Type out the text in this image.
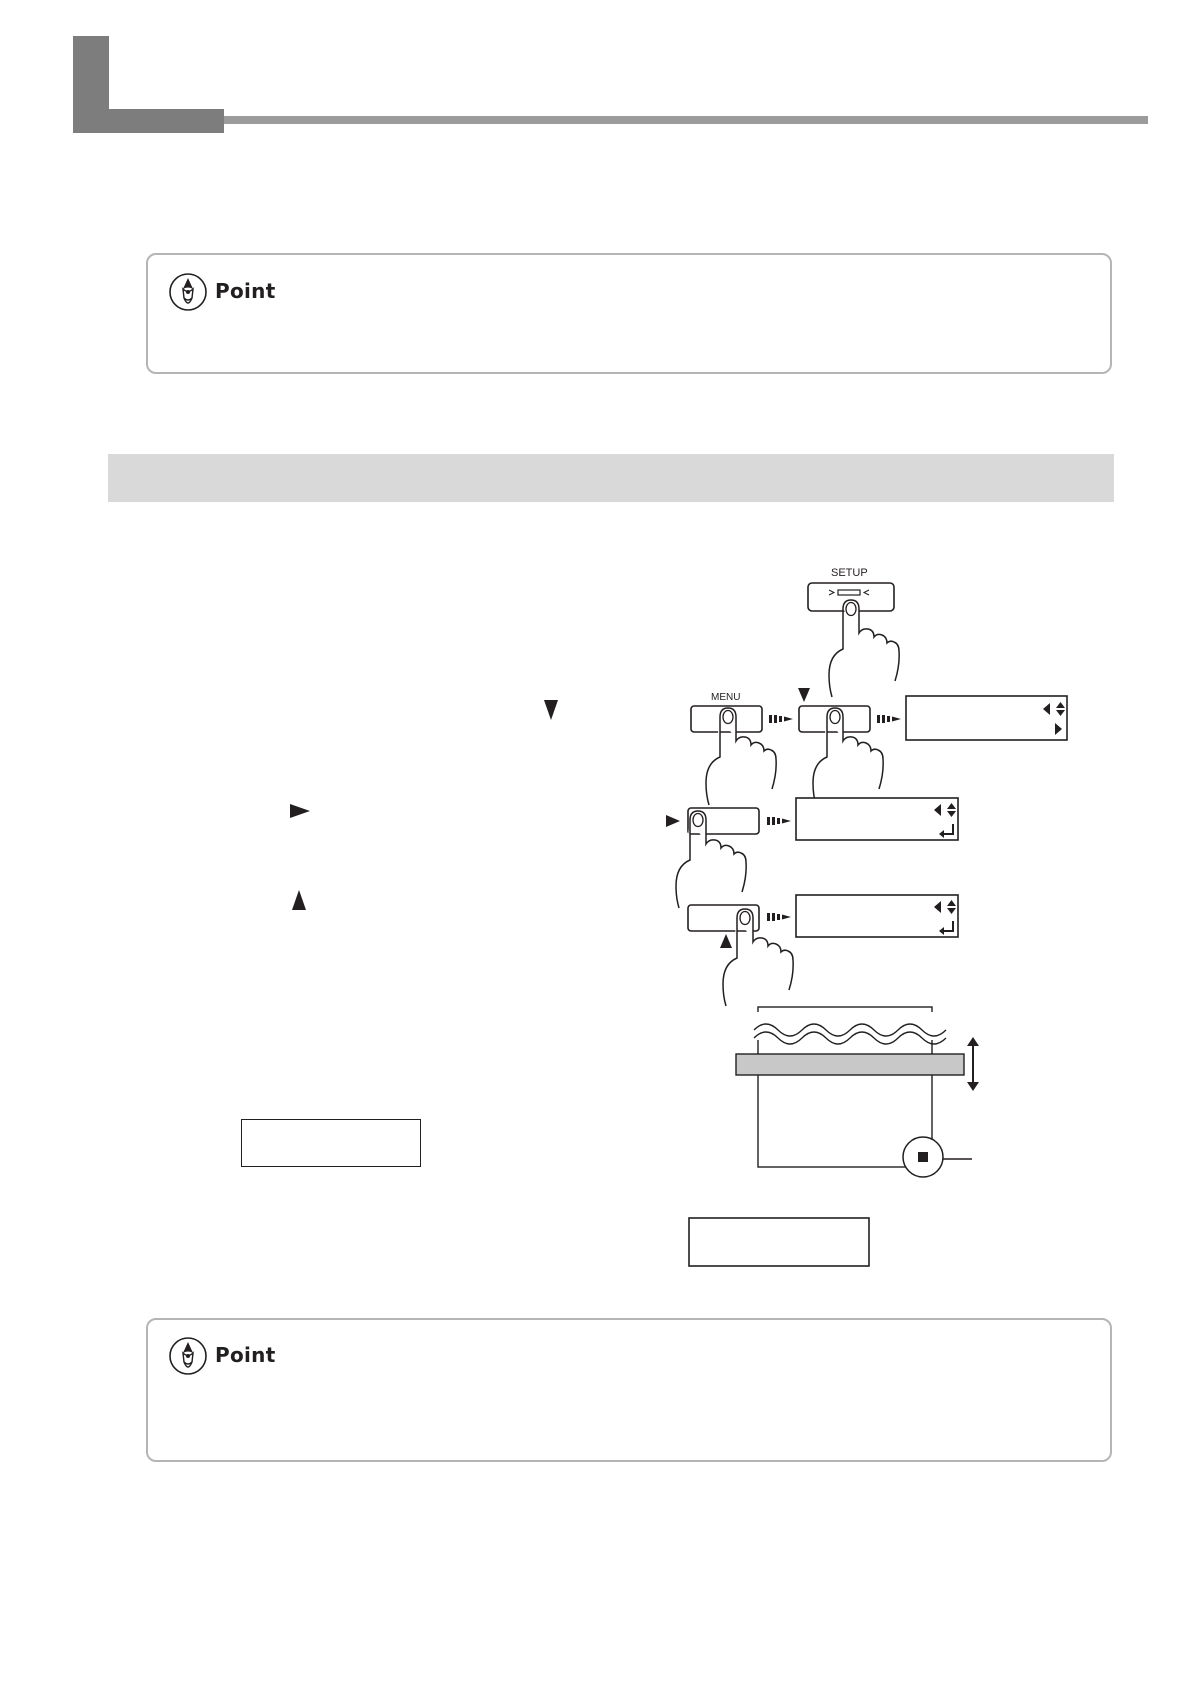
Point
SETUP
MENU
Point
